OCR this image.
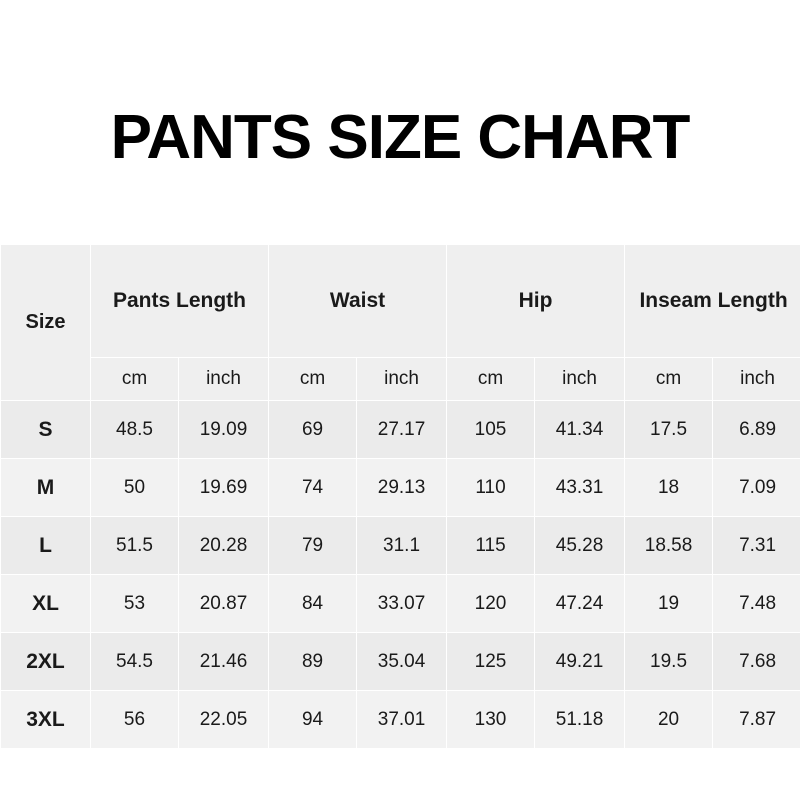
PANTS SIZE CHART
Size	Pants Length		Waist		Hip		Inseam Length	
	cm	inch	cm	inch	cm	inch	cm	inch
S	48.5	19.09	69	27.17	105	41.34	17.5	6.89
M	50	19.69	74	29.13	110	43.31	18	7.09
L	51.5	20.28	79	31.1	115	45.28	18.58	7.31
XL	53	20.87	84	33.07	120	47.24	19	7.48
2XL	54.5	21.46	89	35.04	125	49.21	19.5	7.68
3XL	56	22.05	94	37.01	130	51.18	20	7.87
